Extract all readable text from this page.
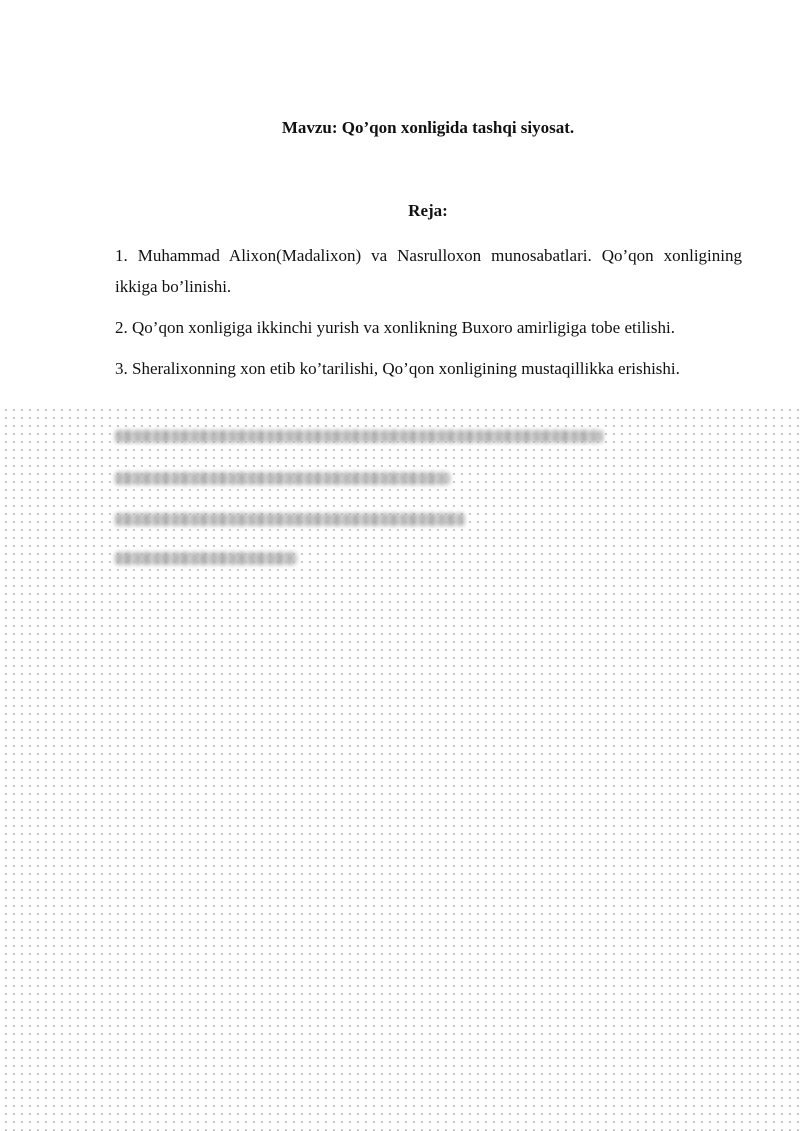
Mavzu: Qo’qon xonligida tashqi siyosat.
Reja:
1. Muhammad Alixon(Madalixon) va Nasrulloxon munosabatlari. Qo’qon xonligining ikkiga bo’linishi.
2. Qo’qon xonligiga ikkinchi yurish va xonlikning Buxoro amirligiga tobe etilishi.
3. Sheralixonning xon etib ko’tarilishi, Qo’qon xonligining mustaqillikka erishishi.
